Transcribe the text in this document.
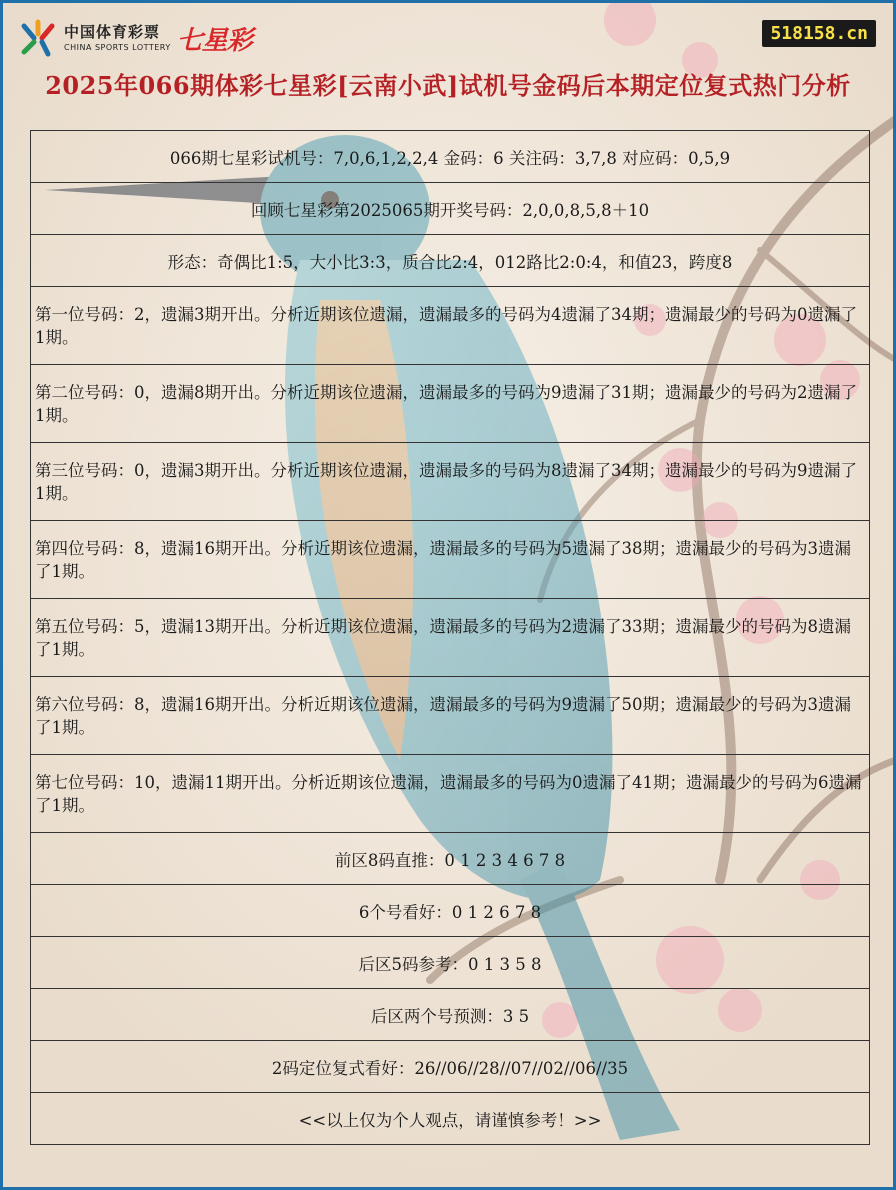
中国体育彩票
CHINA SPORTS LOTTERY 七星彩	518158.cn
2025年066期体彩七星彩[云南小武]试机号金码后本期定位复式热门分析
066期七星彩试机号：7,0,6,1,2,2,4 金码：6 关注码：3,7,8 对应码：0,5,9
回顾七星彩第2025065期开奖号码：2,0,0,8,5,8＋10
形态：奇偶比1:5，大小比3:3，质合比2:4，012路比2:0:4，和值23，跨度8
第一位号码：2，遗漏3期开出。分析近期该位遗漏，遗漏最多的号码为4遗漏了34期；遗漏最少的号码为0遗漏了1期。
第二位号码：0，遗漏8期开出。分析近期该位遗漏，遗漏最多的号码为9遗漏了31期；遗漏最少的号码为2遗漏了1期。
第三位号码：0，遗漏3期开出。分析近期该位遗漏，遗漏最多的号码为8遗漏了34期；遗漏最少的号码为9遗漏了1期。
第四位号码：8，遗漏16期开出。分析近期该位遗漏，遗漏最多的号码为5遗漏了38期；遗漏最少的号码为3遗漏了1期。
第五位号码：5，遗漏13期开出。分析近期该位遗漏，遗漏最多的号码为2遗漏了33期；遗漏最少的号码为8遗漏了1期。
第六位号码：8，遗漏16期开出。分析近期该位遗漏，遗漏最多的号码为9遗漏了50期；遗漏最少的号码为3遗漏了1期。
第七位号码：10，遗漏11期开出。分析近期该位遗漏，遗漏最多的号码为0遗漏了41期；遗漏最少的号码为6遗漏了1期。
前区8码直推：0 1 2 3 4 6 7 8
6个号看好：0 1 2 6 7 8
后区5码参考：0 1 3 5 8
后区两个号预测：3 5
2码定位复式看好：26//06//28//07//02//06//35
<<以上仅为个人观点，请谨慎参考！>>
